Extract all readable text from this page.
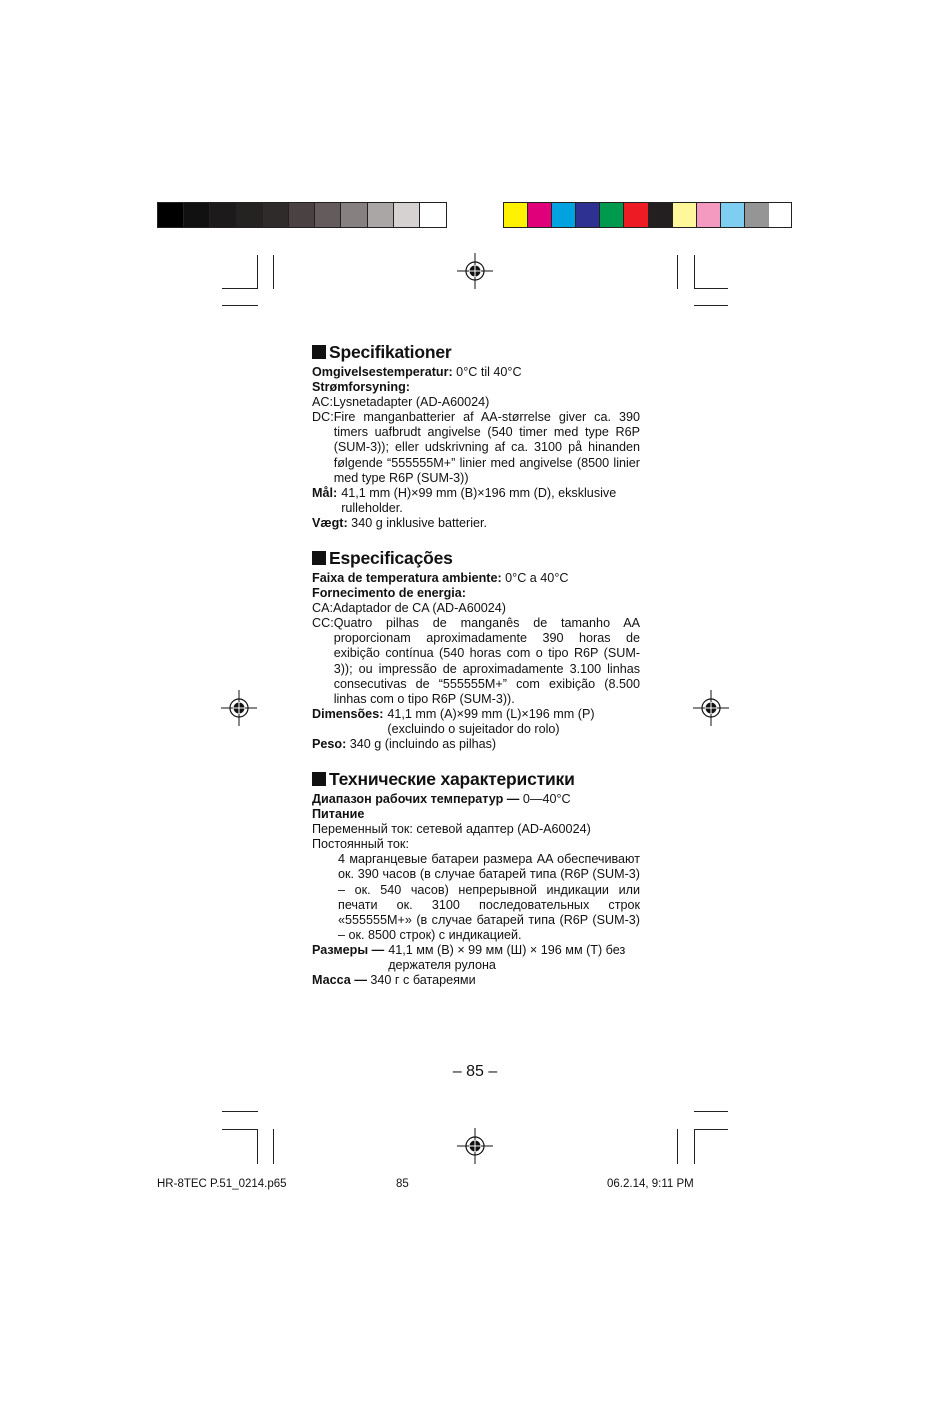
Specifikationer

Omgivelsestemperatur: 0°C til 40°C

Strømforsyning:

AC: Lysnetadapter (AD-A60024)
DC: Fire manganbatterier af AA-størrelse giver ca. 390 timers uafbrudt angivelse (540 timer med type R6P (SUM-3)); eller udskrivning af ca. 3100 på hinanden følgende “555555M+” linier med angivelse (8500 linier med type R6P (SUM-3))
Mål: 41,1 mm (H)×99 mm (B)×196 mm (D), eksklusive rulleholder.

Vægt: 340 g inklusive batterier.

Especificações

Faixa de temperatura ambiente: 0°C a 40°C

Fornecimento de energia:

CA: Adaptador de CA (AD-A60024)
CC: Quatro pilhas de manganês de tamanho AA proporcionam aproximadamente 390 horas de exibição contínua (540 horas com o tipo R6P (SUM-3)); ou impressão de aproximadamente 3.100 linhas consecutivas de “555555M+” com exibição (8.500 linhas com o tipo R6P (SUM-3)).
Dimensões: 41,1 mm (A)×99 mm (L)×196 mm (P) (excluindo o sujeitador do rolo)

Peso: 340 g (incluindo as pilhas)

Технические характеристики

Диапазон рабочих температур — 0—40°C

Питание

Переменный ток: сетевой адаптер (AD-A60024)

Постоянный ток:

4 марганцевые батареи размера AA обеспечивают ок. 390 часов (в случае батарей типа (R6P (SUM-3) – ок. 540 часов) непрерывной индикации или печати ок. 3100 последовательных строк «555555M+» (в случае батарей типа (R6P (SUM-3) – ок. 8500 строк) с индикацией.

Размеры — 41,1 мм (В) × 99 мм (Ш) × 196 мм (Т) без держателя рулона

Масса — 340 г с батареями

– 85 –
HR-8TEC P.51_0214.p65	85	06.2.14, 9:11 PM
